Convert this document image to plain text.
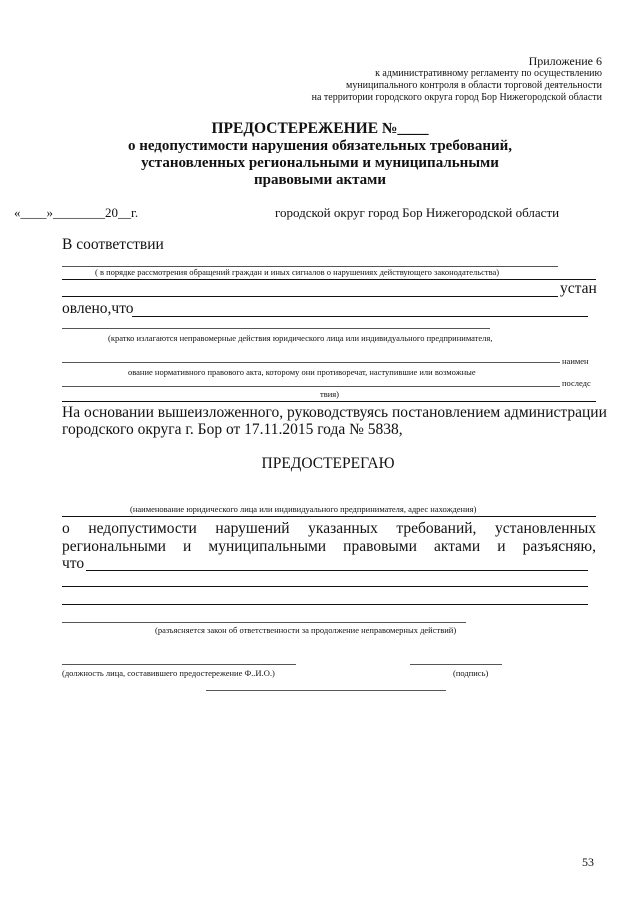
Приложение 6
к административному регламенту по осуществлению
муниципального контроля в области торговой деятельности
на территории городского округа город Бор Нижегородской области
ПРЕДОСТЕРЕЖЕНИЕ №____
о недопустимости нарушения обязательных требований,
установленных региональными и муниципальными
правовыми актами
«____»________20__г.	городской округ город Бор Нижегородской области
В соответствии
( в порядке рассмотрения обращений граждан и иных сигналов о нарушениях действующего законодательства)
устан
овлено,что
(кратко излагаются неправомерные действия юридического лица или индивидуального предпринимателя,
наимен
ование нормативного правового акта, которому они противоречат, наступившие или возможные
последс
твия)
На основании вышеизложенного, руководствуясь постановлением администрации
городского округа г. Бор от 17.11.2015 года № 5838,
ПРЕДОСТЕРЕГАЮ
(наименование юридического лица или индивидуального предпринимателя, адрес нахождения)
о недопустимости нарушений указанных требований, установленных
региональными и муниципальными правовыми актами и разъясняю,
что
(разъясняется закон об ответственности за продолжение неправомерных действий)
(должность лица, составившего предостережение Ф..И.О.)	(подпись)
53
